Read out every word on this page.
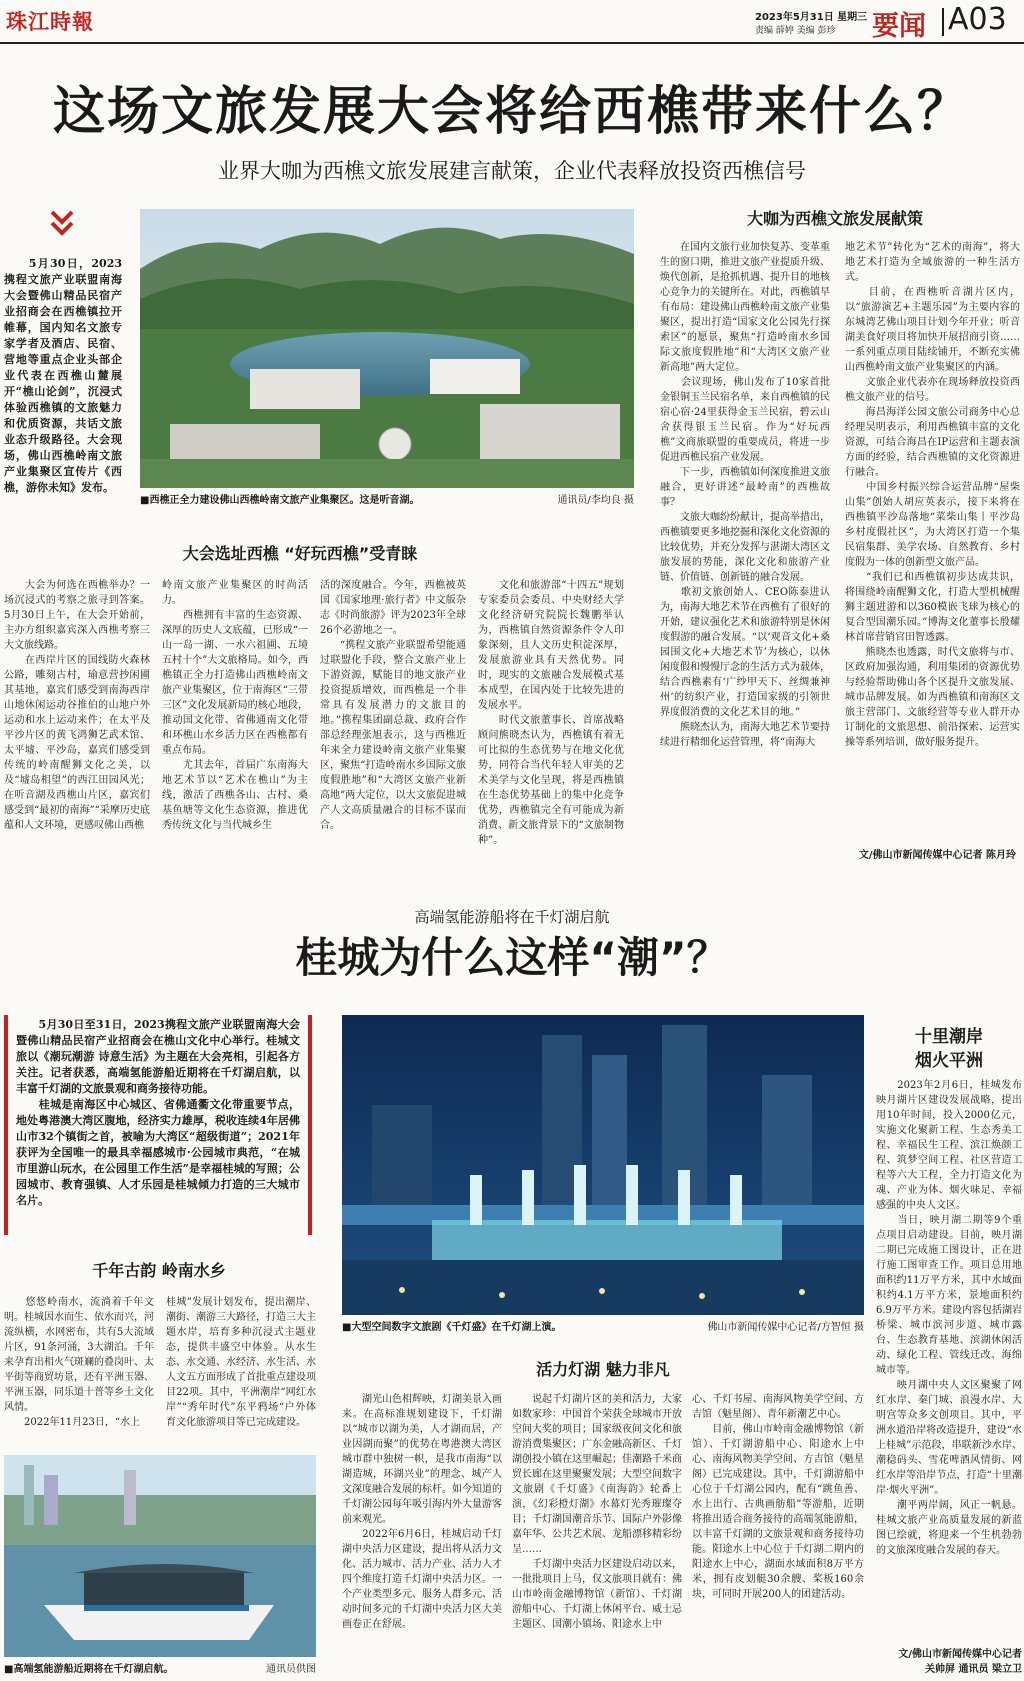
珠江時報	2023年5月31日 星期三
责编 薛婷 美编 彭珍 要闻 A03
这场文旅发展大会将给西樵带来什么？
业界大咖为西樵文旅发展建言献策，企业代表释放投资西樵信号
　　5月30日，2023携程文旅产业联盟南海大会暨佛山精品民宿产业招商会在西樵镇拉开帷幕，国内知名文旅专家学者及酒店、民宿、营地等重点企业头部企业代表在西樵山麓展开“樵山论剑”，沉浸式体验西樵镇的文旅魅力和优质资源，共话文旅业态升级路径。大会现场，佛山西樵岭南文旅产业集聚区宣传片《西樵，游你未知》发布。
■西樵正全力建设佛山西樵岭南文旅产业集聚区。这是听音湖。	通讯员/李均良 摄
大会选址西樵 “好玩西樵”受青睐
　　大会为何选在西樵举办？一场沉浸式的考察之旅寻到答案。5月30日上午，在大会开始前，主办方组织嘉宾深入西樵考察三大文旅线路。
　　在西岸片区的国线防火森林公路，雕刻古村，瑜意营抄闲圃其基地，嘉宾们感受到南海西岸山地休闲运动谷推伯的山地户外运动和水上运动来件；在太平及平沙片区的黄飞鸿狮艺武术馆、太平墟、平沙岛，嘉宾们感受到传统的岭南醒狮文化之美，以及“墟岛相望”的西江田园风光；在听音湖及西樵山片区，嘉宾们感受到“最初的南海”“采摩历史底蕴和人文环境，更感叹佛山西樵
岭南文旅产业集聚区的时尚活力。
　　西樵拥有丰富的生态资源、深厚的历史人文底蕴，已形成“一山一岛一湖、一水六祖圃、五境五村十个”大文旅格局。如今，西樵镇正全力打造佛山西樵岭南文旅产业集聚区，位于南海区“三带三区”文化发展新局的核心地段，推动国文化带、省佛通南文化带和环樵山水乡活力区在西樵都有重点布局。
　　尤其去年，首届广东南海大地艺术节以“艺术在樵山”为主线，激活了西樵各山、古村、桑基鱼塘等文化生态资源，推进优秀传统文化与当代城乡生
活的深度融合。今年，西樵被英国《国家地理·旅行者》中文版杂志《时尚旅游》评为2023年全球26个必游地之一。
　　“携程文旅产业联盟希望能通过联盟化手段，整合文旅产业上下游资源，赋能目的地文旅产业投资提质增效，而西樵是一个非常具有发展潜力的文旅目的地。”携程集团副总裁、政府合作部总经理张旭表示，这与西樵近年来全力建设岭南文旅产业集聚区，聚焦“打造岭南水乡国际文旅度假胜地”和“大湾区文旅产业新高地”两大定位，以大文旅促进城产人文高质量融合的目标不谋而合。
　　文化和旅游部“十四五”规划专家委员会委员、中央财经大学文化经济研究院院长魏鹏举认为，西樵镇自然资源条件令人印象深刻，且人文历史积淀深厚，发展旅游业具有天然优势。同时，现实的文旅融合发展模式基本成型，在国内处于比较先进的发展水平。
　　时代文旅董事长、首席战略顾问熊晓杰认为，西樵镇有着无可比拟的生态优势与在地文化优势，同符合当代年轻人审美的艺术美学与文化呈现，将是西樵镇在生态优势基础上的集中化竞争优势，西樵镇完全有可能成为新消费、新文旅背景下的“文旅制物种”。
大咖为西樵文旅发展献策
　　在国内文旅行业加快复苏、变革重生的窗口期，推进文旅产业提质升级、焕代创新，是抢抓机遇、提升目的地核心竞争力的关键所在。对此，西樵镇早有布局：建设佛山西樵岭南文旅产业集聚区，提出打造“国家文化公园先行探索区”的愿景，聚焦“打造岭南水乡国际文旅度假胜地”和“大湾区文旅产业新高地”两大定位。
　　会议现场，佛山发布了10家首批金银铜玉兰民宿名单，来自西樵镇的民宿心宿·24里获得金玉兰民宿，碧云山舍获得银玉兰民宿。作为“好玩西樵”文商旅联盟的重要成员，将进一步促进西樵民宿产业发展。
　　下一步，西樵镇如何深度推进文旅融合，更好讲述“最岭南”的西樵故事？
　　文旅大咖纷纷献计，提高举措出，西樵镇要更多地挖掘和深化文化资源的比较优势，并充分发挥与湛湖大湾区文旅发展的势能，深化文化和旅游产业链、价值链、创新链的融合发展。
　　歌初文旅创始人、CEO陈泰进认为，南海大地艺术节在西樵有了很好的开始，建议强化艺术和旅游特别是休闲度假游的融合发展。“以‘观音文化+桑园围文化+大地艺术节’为核心，以休闲度假和慢慢厅念的生活方式为载体，结合西樵素有‘广纱甲天下、丝绸兼神州’的纺织产业，打造国家级的引领世界度假消费的文化艺术目的地。”
　　熊晓杰认为，南海大地艺术节要持续进行精细化运营管理，将“南海大
地艺术节”转化为“艺术的南海”，将大地艺术打造为全域旅游的一种生活方式。
　　目前，在西樵听音湖片区内，以“旅游演艺+主题乐园”为主要内容的东城湾艺佛山项目计划今年开业；听音湖美食好项目将加快开展招商引资……一系列重点项目陆续铺开，不断充实佛山西樵岭南文旅产业集聚区的内涵。
　　文旅企业代表亦在现场释放投资西樵文旅产业的信号。
　　海昌海洋公园文旅公司商务中心总经理吴明表示，利用西樵镇丰富的文化资源，可结合海昌在IP运营和主题表演方面的经验，结合西樵镇的文化资源进行融合。
　　中国乡村振兴综合运营品牌“屋柴山集”创始人胡应英表示，接下来将在西樵镇平沙岛落地“菜柴山集丨平沙岛乡村度假社区”，为大湾区打造一个集民宿集群、美学农场、自然教育、乡村度假为一体的创新型文旅产品。
　　“我们已和西樵镇初步达成共识，将围绕岭南醒狮文化，打造大型机械醒狮主题进游和以360模嵌飞球为核心的复合型国潮乐园。”博海文化董事长殷耀林首席营销官田智透露。
　　熊晓杰也透露，时代文旅将与市、区政府加强沟通，利用集团的资源优势与经验帮助佛山各个区提升文旅发展、城市品牌发展。如为西樵镇和南海区文旅主营部门、文旅经营等专业人群开办订制化的文旅思想、前沿探索、运营实操等系列培训，做好服务提升。
文/佛山市新闻传媒中心记者 陈月玲
高端氢能游船将在千灯湖启航
桂城为什么这样“潮”？
　　5月30日至31日，2023携程文旅产业联盟南海大会暨佛山精品民宿产业招商会在樵山文化中心举行。桂城文旅以《潮玩潮游 诗意生活》为主题在大会亮相，引起各方关注。记者获悉，高端氢能游船近期将在千灯湖启航，以丰富千灯湖的文旅景观和商务接待功能。
　　桂城是南海区中心城区、省佛通衢文化带重要节点，地处粤港澳大湾区腹地，经济实力雄厚，税收连续4年居佛山市32个镇街之首，被喻为大湾区“超级街道”；2021年获评为全国唯一的最具幸福感城市·公园城市典范，“在城市里游山玩水，在公园里工作生活”是幸福桂城的写照；公园城市、教育强镇、人才乐园是桂城倾力打造的三大城市名片。
千年古韵 岭南水乡
　　悠悠岭南水，流淌着千年文明。桂城因水而生、依水而兴，河流纵横，水网密布，共有5大流域片区，91条河涌，3大湖泊。千年来孕育出相火气斑斓的叠岗叶、太平街等商贸坊景，还有平洲玉器、平洲玉器，同乐道十普等乡土文化风情。
　　2022年11月23日，“水上
桂城”发展计划发布，提出潮岸、潮街、潮游三大路径，打造三大主题水岸，培育多种沉浸式主题业态，提供丰盛空中体验。从水生态、水交通、水经济、水生活、水人文五方面形成了首批重点建设项目22项。其中，平洲潮岸“网红水岸”“秀年时代”东平鸦场“户外体育文化旅游项目等已完成建设。
■高端氢能游船近期将在千灯湖启航。	通讯员供图
■大型空间数字文旅剧《千灯盛》在千灯湖上演。	佛山市新闻传媒中心记者/方智恒 摄
活力灯湖 魅力非凡
　　湖光山色相辉映，灯湖美景入画来。在高标准规划建设下，千灯湖以“城市以湖为美，人才湖而居，产业因湖而聚”的优势在粤港澳大湾区城市群中独树一帜，是我市南海“以湖造城，环湖兴业”的理念、城产人文深度融合发展的标杆。如今知道的千灯湖公园每年吸引海内外大量游客前来观光。
　　2022年6月6日，桂城启动千灯湖中央活力区建设，提出将从活力文化、活力城市、活力产业、活力人才四个维度打造千灯湖中央活力区。一个产业类型多元、服务人群多元、活动时间多元的千灯湖中央活力区大美画卷正在舒展。
　　说起千灯湖片区的美和活力，大家如数家珍：中国首个荣获全球城市开放空间大奖的项目；国家级夜间文化和旅游消费集聚区；广东金融高新区、千灯湖创投小镇在这里崛起；佳潮路千米商贸长廊在这里聚聚发展；大型空间数字文旅剧《千灯盛》《南海韵》轮番上演，《幻彩橙灯湖》水幕灯光秀璀璨夺目；千灯湖国潮音乐节、国际户外影像嘉年华、公共艺术展、龙船漂移精彩纷呈……
　　千灯湖中央活力区建设启动以来，一批批项目上马，仅文旅项目就有：佛山市岭南金融博物馆（新馆）、千灯湖游船中心、千灯湖上休闲平台、威士忌主题区、国潮小镇场、阳途水上中
心、千灯书屋、南海风物美学空间、方吉馆（魁星阁）、青年新潮艺中心。
　　目前，佛山市岭南金融博物馆（新馆）、千灯湖游船中心、阳途水上中心、南海风物美学空间、方吉馆（魁星阁）已完成建设。其中，千灯湖游船中心位于千灯湖公园内，配有“跳鱼善、水上出行、古典画舫船”等游船，近期将推出适合商务接待的高端氢能游船，以丰富千灯湖的文旅景观和商务接待功能。阳途水上中心位于千灯湖二期内的阳途水上中心，湖面水域面积8万平方米，拥有皮划艇30余艘、桨板160余块，可同时开展200人的团建活动。
十里潮岸
烟火平洲
　　2023年2月6日，桂城发布映月湖片区建设发展战略，提出用10年时间，投入2000亿元，实施文化聚新工程、生态秀美工程、幸福民生工程、滨江焕颜工程、筑梦空间工程、社区营造工程等六大工程，全力打造文化为魂、产业为体、烟火味足、幸福感强的中央人文区。
　　当日，映月湖二期等9个重点项目启动建设。目前，映月湖二期已完成施工图设计，正在进行施工图审查工作。项目总用地面积约11万平方米，其中水域面积约4.1万平方米，景地面积约6.9万平方米。建设内容包括湖岩桥梁、城市滨河步道、城市露台、生态教育基地、滨湖休闲活动、绿化工程、管线迁改、海绵城市等。
　　映月湖中央人文区聚聚了网红水岸、秦门城、浪漫水岸、大明宫等众多文创项目。其中，平洲水道沿岸将改造提升，建设“水上桂城”示范段，串联新沙水岸、潮稳码头、雪花啤酒风情街、网红水岸等沿岸节点，打造“十里潮岸·烟火平洲”。
　　潮平两岸阔，风正一帆悬。桂城文旅产业高质量发展的新蓝图已绘就，将迎来一个生机勃勃的文旅深度融合发展的春天。
文/佛山市新闻传媒中心记者
关帅屏 通讯员 梁立卫
